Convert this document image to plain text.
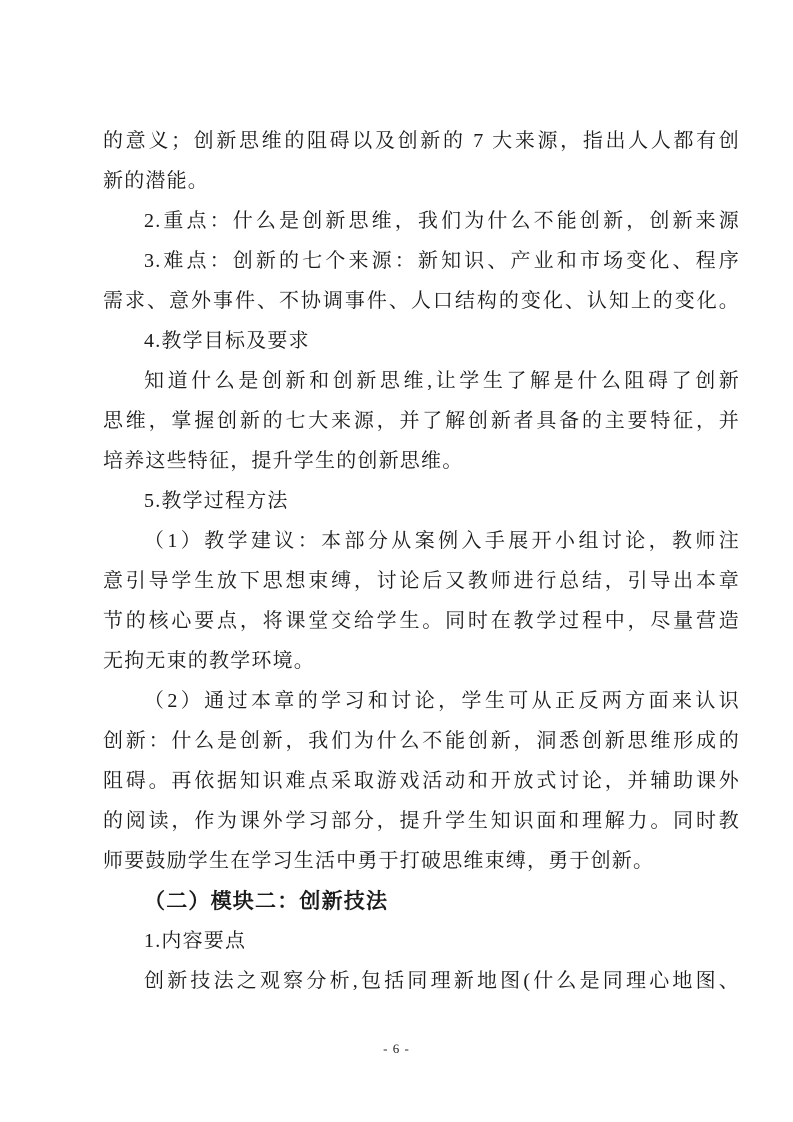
的意义；创新思维的阻碍以及创新的 7 大来源，指出人人都有创
新的潜能。
2.重点：什么是创新思维，我们为什么不能创新，创新来源
3.难点：创新的七个来源：新知识、产业和市场变化、程序
需求、意外事件、不协调事件、人口结构的变化、认知上的变化。
4.教学目标及要求
知道什么是创新和创新思维,让学生了解是什么阻碍了创新
思维，掌握创新的七大来源，并了解创新者具备的主要特征，并
培养这些特征，提升学生的创新思维。
5.教学过程方法
（1）教学建议：本部分从案例入手展开小组讨论，教师注
意引导学生放下思想束缚，讨论后又教师进行总结，引导出本章
节的核心要点，将课堂交给学生。同时在教学过程中，尽量营造
无拘无束的教学环境。
（2）通过本章的学习和讨论，学生可从正反两方面来认识
创新：什么是创新，我们为什么不能创新，洞悉创新思维形成的
阻碍。再依据知识难点采取游戏活动和开放式讨论，并辅助课外
的阅读，作为课外学习部分，提升学生知识面和理解力。同时教
师要鼓励学生在学习生活中勇于打破思维束缚，勇于创新。
（二）模块二：创新技法
1.内容要点
创新技法之观察分析,包括同理新地图(什么是同理心地图、
- 6 -
